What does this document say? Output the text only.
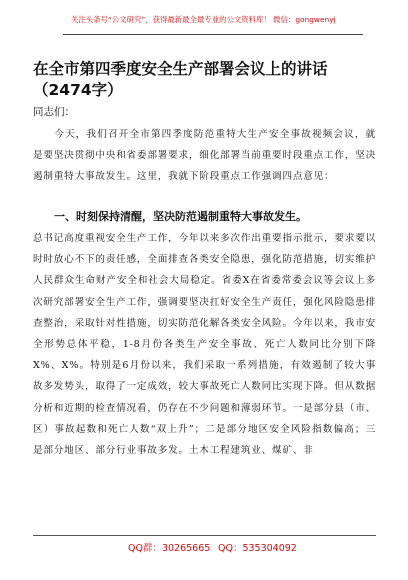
关注头条号“公文研究”，获得最新最全最专业的公文资料库！ 微信：gongwenyj
在全市第四季度安全生产部署会议上的讲话（2474字）
同志们：
今天，我们召开全市第四季度防范重特大生产安全事故视频会议，就是要坚决贯彻中央和省委部署要求，细化部署当前重要时段重点工作，坚决遏制重特大事故发生。这里，我就下阶段重点工作强调四点意见：
一、时刻保持清醒，坚决防范遏制重特大事故发生。
总书记高度重视安全生产工作，今年以来多次作出重要指示批示，要求要以时时放心不下的责任感，全面排查各类安全隐患，强化防范措施，切实维护人民群众生命财产安全和社会大局稳定。省委X在省委常委会议等会议上多次研究部署安全生产工作，强调要坚决扛好安全生产责任，强化风险隐患排查整治，采取针对性措施，切实防范化解各类安全风险。今年以来，我市安全形势总体平稳，1-8月份各类生产安全事故、死亡人数同比分别下降X%、X%。特别是6月份以来，我们采取一系列措施，有效遏制了较大事故多发势头，取得了一定成效，较大事故死亡人数同比实现下降。但从数据分析和近期的检查情况看，仍存在不少问题和薄弱环节。一是部分县（市、区）事故起数和死亡人数“双上升”；二是部分地区安全风险指数偏高；三是部分地区、部分行业事故多发。土木工程建筑业、煤矿、非
QQ群：30265665 QQ：535304092
